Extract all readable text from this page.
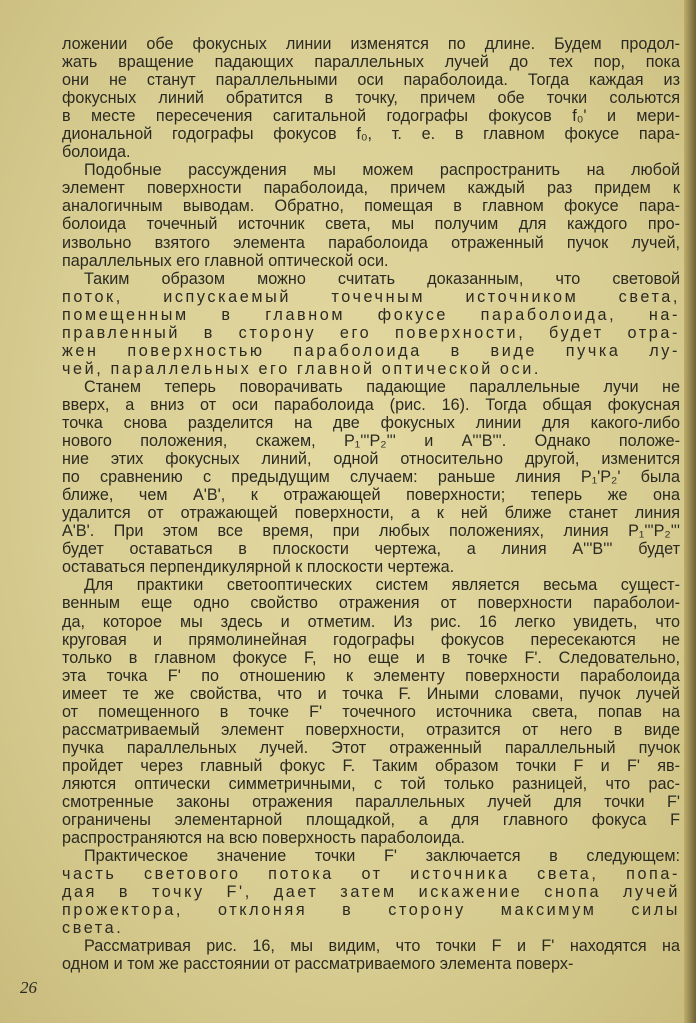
ложении обе фокусных линии изменятся по длине. Будем продол-
жать вращение падающих параллельных лучей до тех пор, пока
они не станут параллельными оси параболоида. Тогда каждая из
фокусных линий обратится в точку, причем обе точки сольются
в месте пересечения сагитальной годографы фокусов f₀' и мери-
диональной годографы фокусов f₀, т. е. в главном фокусе пара-
болоида.
Подобные рассуждения мы можем распространить на любой
элемент поверхности параболоида, причем каждый раз придем к
аналогичным выводам. Обратно, помещая в главном фокусе пара-
болоида точечный источник света, мы получим для каждого про-
извольно взятого элемента параболоида отраженный пучок лучей,
параллельных его главной оптической оси.
Таким образом можно считать доказанным, что световой
поток, испускаемый точечным источником света,
помещенным в главном фокусе параболоида, на-
правленный в сторону его поверхности, будет отра-
жен поверхностью параболоида в виде пучка лу-
чей, параллельных его главной оптической оси.
Станем теперь поворачивать падающие параллельные лучи не
вверх, а вниз от оси параболоида (рис. 16). Тогда общая фокусная
точка снова разделится на две фокусных линии для какого-либо
нового положения, скажем, P₁'''P₂''' и A'''B'''. Однако положе-
ние этих фокусных линий, одной относительно другой, изменится
по сравнению с предыдущим случаем: раньше линия P₁'P₂' была
ближе, чем A'B', к отражающей поверхности; теперь же она
удалится от отражающей поверхности, а к ней ближе станет линия
A'B'. При этом все время, при любых положениях, линия P₁'''P₂'''
будет оставаться в плоскости чертежа, а линия A'''B''' будет
оставаться перпендикулярной к плоскости чертежа.
Для практики светооптических систем является весьма сущест-
венным еще одно свойство отражения от поверхности параболои-
да, которое мы здесь и отметим. Из рис. 16 легко увидеть, что
круговая и прямолинейная годографы фокусов пересекаются не
только в главном фокусе F, но еще и в точке F'. Следовательно,
эта точка F' по отношению к элементу поверхности параболоида
имеет те же свойства, что и точка F. Иными словами, пучок лучей
от помещенного в точке F' точечного источника света, попав на
рассматриваемый элемент поверхности, отразится от него в виде
пучка параллельных лучей. Этот отраженный параллельный пучок
пройдет через главный фокус F. Таким образом точки F и F' яв-
ляются оптически симметричными, с той только разницей, что рас-
смотренные законы отражения параллельных лучей для точки F'
ограничены элементарной площадкой, а для главного фокуса F
распространяются на всю поверхность параболоида.
Практическое значение точки F' заключается в следующем:
часть светового потока от источника света, попа-
дая в точку F', дает затем искажение снопа лучей
прожектора, отклоняя в сторону максимум силы
света.
Рассматривая рис. 16, мы видим, что точки F и F' находятся на
одном и том же расстоянии от рассматриваемого элемента поверх-
26
